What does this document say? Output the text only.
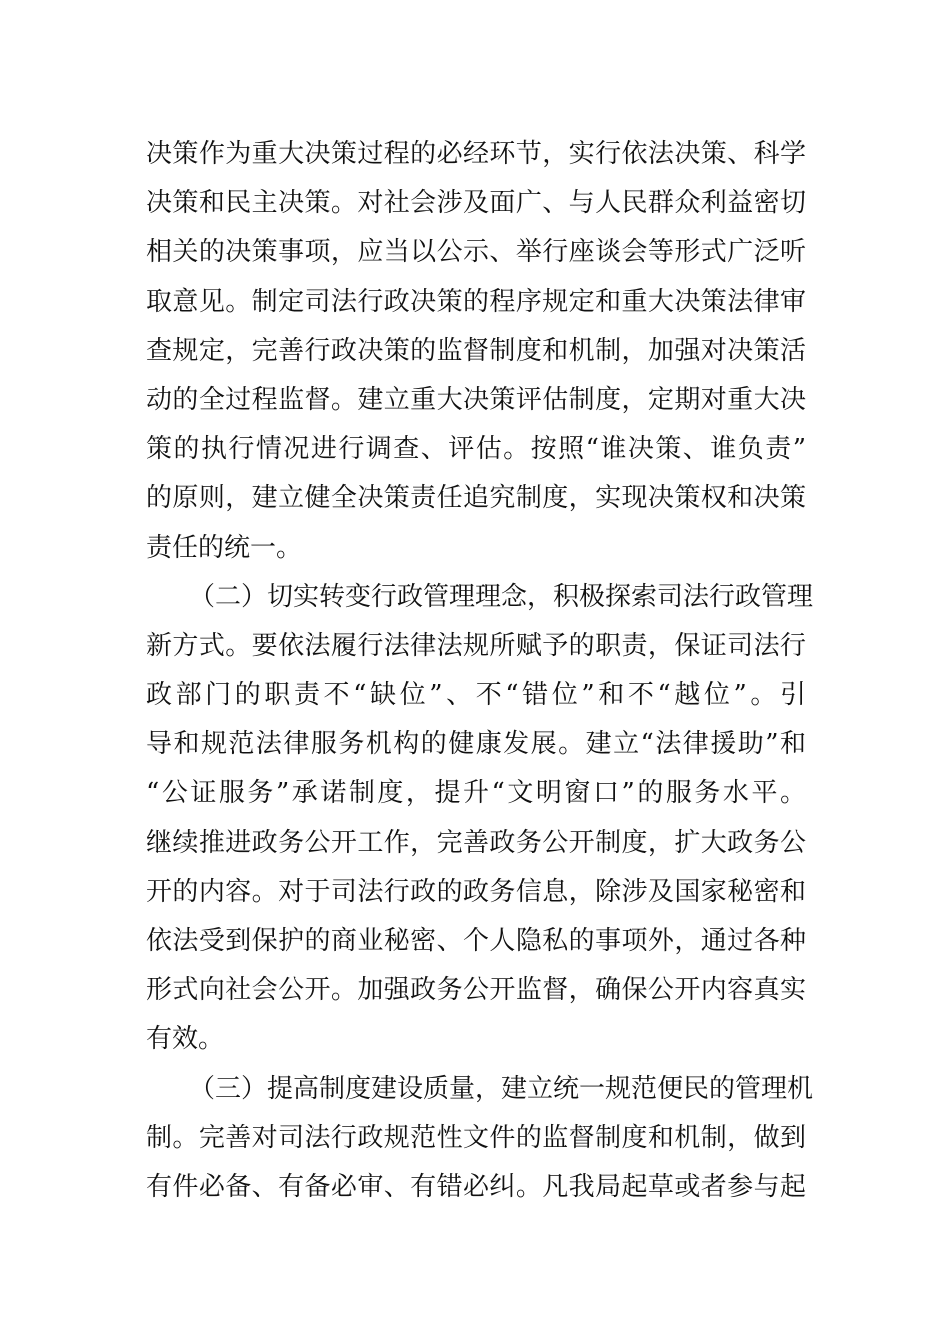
决策作为重大决策过程的必经环节，实行依法决策、科学
决策和民主决策。对社会涉及面广、与人民群众利益密切
相关的决策事项，应当以公示、举行座谈会等形式广泛听
取意见。制定司法行政决策的程序规定和重大决策法律审
查规定，完善行政决策的监督制度和机制，加强对决策活
动的全过程监督。建立重大决策评估制度，定期对重大决
策的执行情况进行调查、评估。按照“谁决策、谁负责”
的原则，建立健全决策责任追究制度，实现决策权和决策
责任的统一。
（二）切实转变行政管理理念，积极探索司法行政管理
新方式。要依法履行法律法规所赋予的职责，保证司法行
政部门的职责不“缺位”、不“错位”和不“越位”。引
导和规范法律服务机构的健康发展。建立“法律援助”和
“公证服务”承诺制度，提升“文明窗口”的服务水平。
继续推进政务公开工作，完善政务公开制度，扩大政务公
开的内容。对于司法行政的政务信息，除涉及国家秘密和
依法受到保护的商业秘密、个人隐私的事项外，通过各种
形式向社会公开。加强政务公开监督，确保公开内容真实
有效。
（三）提高制度建设质量，建立统一规范便民的管理机
制。完善对司法行政规范性文件的监督制度和机制，做到
有件必备、有备必审、有错必纠。凡我局起草或者参与起
